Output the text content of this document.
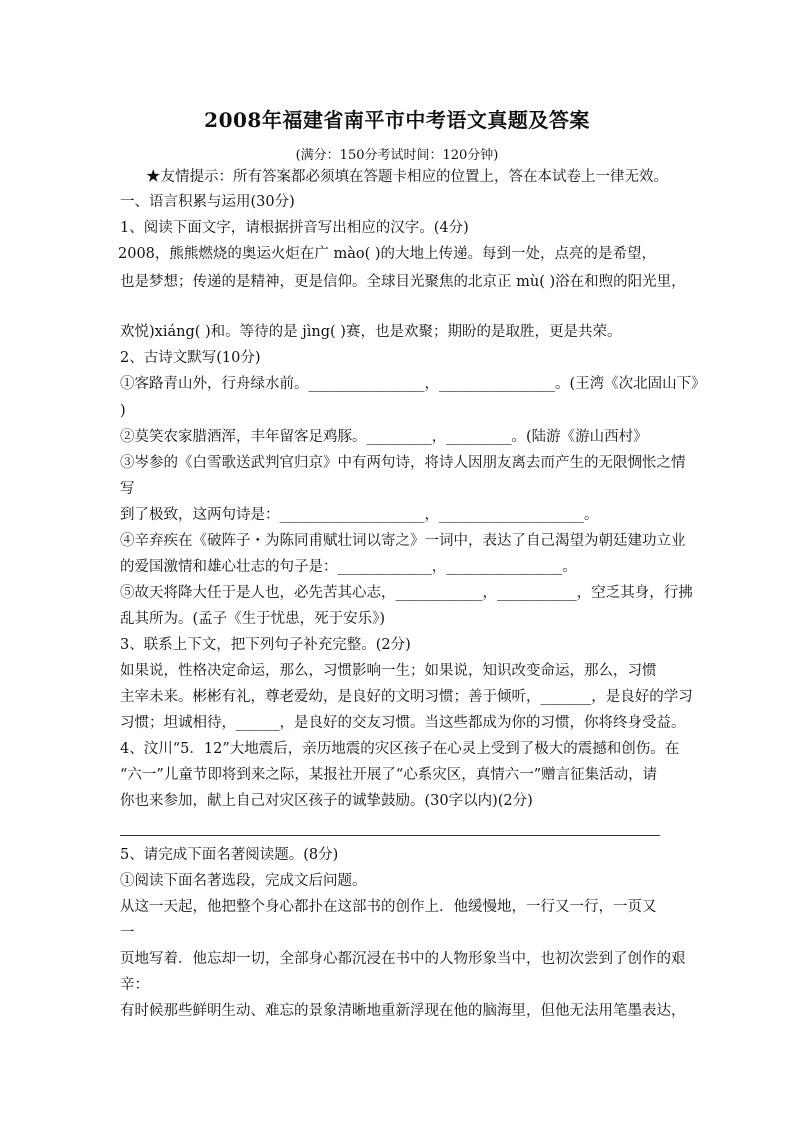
2008年福建省南平市中考语文真题及答案
(满分：150分考试时间：120分钟)
★友情提示：所有答案都必须填在答题卡相应的位置上，答在本试卷上一律无效。
一、语言积累与运用(30分)
1、阅读下面文字，请根据拼音写出相应的汉字。(4分)
2008，熊熊燃烧的奥运火炬在广 mào( )的大地上传递。每到一处，点亮的是希望，
也是梦想；传递的是精神，更是信仰。全球目光聚焦的北京正 mù( )浴在和煦的阳光里，
欢悦)xiáng( )和。等待的是 jìng( )赛，也是欢聚；期盼的是取胜，更是共荣。
2、古诗文默写(10分)
①客路青山外，行舟绿水前。________________，________________。(王湾《次北固山下》
)
②莫笑农家腊酒浑，丰年留客足鸡豚。_________，_________。(陆游《游山西村》
③岑参的《白雪歌送武判官归京》中有两句诗，将诗人因朋友离去而产生的无限惆怅之情
写
到了极致，这两句诗是：____________________，____________________。
④辛弃疾在《破阵子・为陈同甫赋壮词以寄之》一词中，表达了自己渴望为朝廷建功立业
的爱国激情和雄心壮志的句子是：_____________，________________。
⑤故天将降大任于是人也，必先苦其心志，____________，___________，空乏其身，行拂
乱其所为。(孟子《生于忧患，死于安乐》)
3、联系上下文，把下列句子补充完整。(2分)
如果说，性格决定命运，那么，习惯影响一生；如果说，知识改变命运，那么，习惯
主宰未来。彬彬有礼，尊老爱幼，是良好的文明习惯；善于倾听，_______，是良好的学习
习惯；坦诚相待，______，是良好的交友习惯。当这些都成为你的习惯，你将终身受益。
4、汶川“5．12”大地震后，亲历地震的灾区孩子在心灵上受到了极大的震撼和创伤。在
“六一”儿童节即将到来之际，某报社开展了“心系灾区，真情六一”赠言征集活动，请
你也来参加，献上自己对灾区孩子的诚挚鼓励。(30字以内)(2分)
5、请完成下面名著阅读题。(8分)
①阅读下面名著选段，完成文后问题。
从这一天起，他把整个身心都扑在这部书的创作上．他缓慢地，一行又一行，一页又
一
页地写着．他忘却一切，全部身心都沉浸在书中的人物形象当中，也初次尝到了创作的艰
辛：
有时候那些鲜明生动、难忘的景象清晰地重新浮现在他的脑海里，但他无法用笔墨表达，
